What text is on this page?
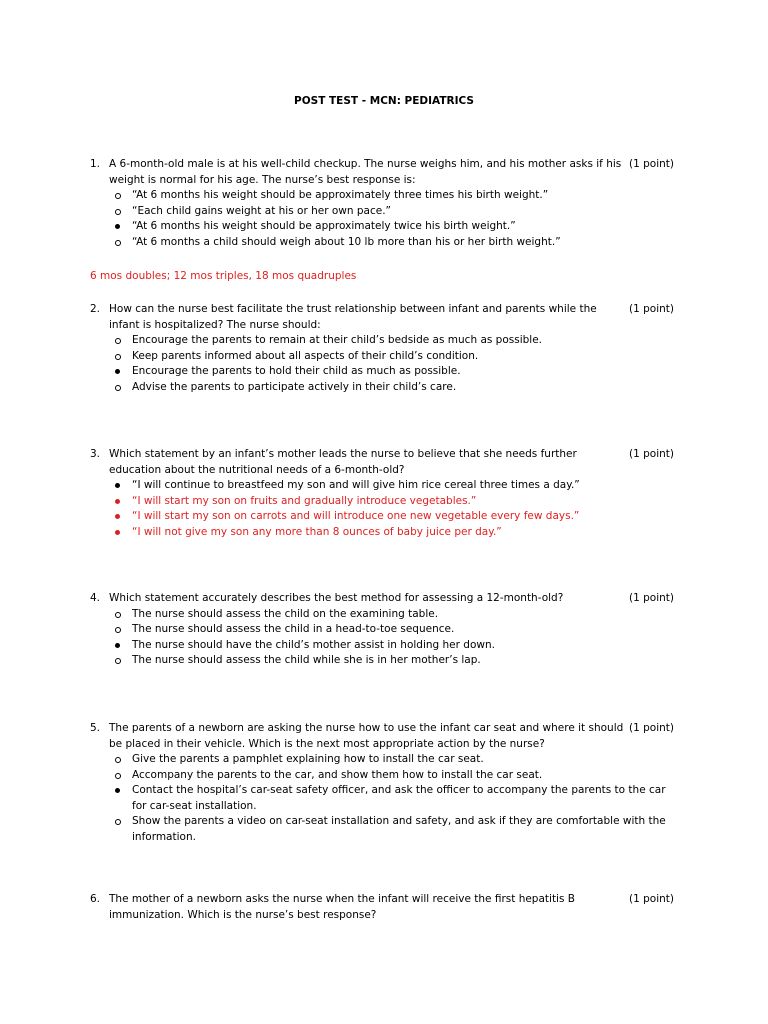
POST TEST - MCN: PEDIATRICS
1. A 6-month-old male is at his well-child checkup. The nurse weighs him, and his mother asks if his weight is normal for his age. The nurse’s best response is:
(1 point)
“At 6 months his weight should be approximately three times his birth weight.”
“Each child gains weight at his or her own pace.”
“At 6 months his weight should be approximately twice his birth weight.”
“At 6 months a child should weigh about 10 lb more than his or her birth weight.”
6 mos doubles; 12 mos triples, 18 mos quadruples
2. How can the nurse best facilitate the trust relationship between infant and parents while the infant is hospitalized? The nurse should:
(1 point)
Encourage the parents to remain at their child’s bedside as much as possible.
Keep parents informed about all aspects of their child’s condition.
Encourage the parents to hold their child as much as possible.
Advise the parents to participate actively in their child’s care.
3. Which statement by an infant’s mother leads the nurse to believe that she needs further education about the nutritional needs of a 6-month-old?
(1 point)
“I will continue to breastfeed my son and will give him rice cereal three times a day.”
“I will start my son on fruits and gradually introduce vegetables.”
“I will start my son on carrots and will introduce one new vegetable every few days.”
“I will not give my son any more than 8 ounces of baby juice per day.”
4. Which statement accurately describes the best method for assessing a 12-month-old?	(1 point)
The nurse should assess the child on the examining table.
The nurse should assess the child in a head-to-toe sequence.
The nurse should have the child’s mother assist in holding her down.
The nurse should assess the child while she is in her mother’s lap.
5. The parents of a newborn are asking the nurse how to use the infant car seat and where it should be placed in their vehicle. Which is the next most appropriate action by the nurse?
(1 point)
Give the parents a pamphlet explaining how to install the car seat.
Accompany the parents to the car, and show them how to install the car seat.
Contact the hospital’s car-seat safety officer, and ask the officer to accompany the parents to the car for car-seat installation.
Show the parents a video on car-seat installation and safety, and ask if they are comfortable with the information.
6. The mother of a newborn asks the nurse when the infant will receive the first hepatitis B immunization. Which is the nurse’s best response?
(1 point)
